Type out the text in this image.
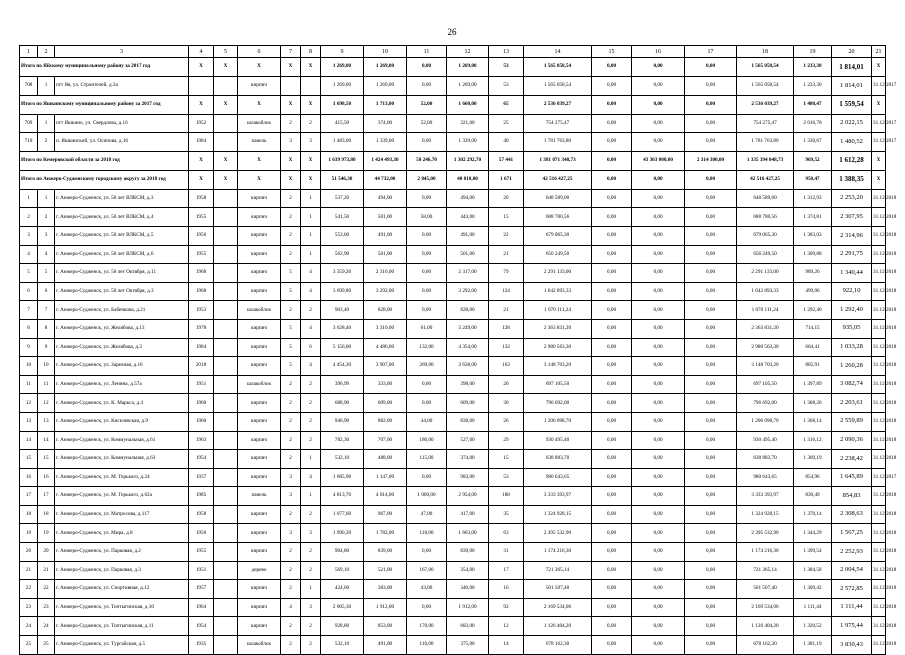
26
1	2	3	4	5	6	7	8	9	10	11	12	13	14	15	16	17	18	19	20	21
Итого по Яйскому муниципальному району за 2017 год			X	X	X	X	X	1 269,00	1 269,00	0,00	1 269,00	53	1 565 058,54	0,00	0,00	0,00	1 565 058,54	1 233,30	1 814,01	X
708	1	пгт Яя, ул. Строителей, д.3а			кирпич			1 269,00	1 269,00	0,00	1 269,00	53	1 565 058,54	0,00	0,00	0,00	1 565 058,54	1 233,30	1 814,01	31.12.2017
Итого по Яшкинскому муниципальному району за 2017 год			X	X	X	X	X	1 698,50	1 713,00	52,00	1 660,00	65	2 536 039,27	0,00	0,00	0,00	2 536 039,27	1 480,47	1 559,54	X
709	1	пгт Яшкино, ул. Свердлова, д.16	1952		шлакоблок	2	2	415,50	374,00	52,00	321,00	25	754 275,47	0,00	0,00	0,00	754 275,47	2 016,78	2 022,15	31.12.2017
710	2	п. Яшкинский, ул. Осипова, д.16	1984		панель	3	3	1 483,00	1 339,00	0,00	1 339,00	40	1 781 763,80	0,00	0,00	0,00	1 781 763,80	1 330,67	1 480,52	31.12.2017
Итого по Кемеровской области за 2018 год			X	X	X	X	X	1 639 973,80	1 424 493,30	50 246,70	1 302 292,70	57 441	1 381 071 348,73	0,00	43 363 000,00	2 314 300,00	1 335 394 048,73	969,52	1 612,28	X
Итого по Анжеро-Судженскому городскому округу за 2018 год			X	X	X	X	X	51 546,30	44 732,00	2 845,00	40 818,00	1 671	42 516 427,25	0,00	0,00	0,00	42 516 427,25	950,47	1 388,35	X
1	1	г. Анжеро-Судженск, ул. 50 лет ВЛКСМ, д.3	1958		кирпич	2	1	537,20	494,00	0,00	494,00	20	648 589,00	0,00	0,00	0,00	648 589,00	1 312,93	2 253,20	31.12.2018
2	2	г. Анжеро-Судженск, ул. 50 лет ВЛКСМ, д.4	1955		кирпич	2	1	541,50	501,00	58,00	443,00	15	688 780,56	0,00	0,00	0,00	688 780,56	1 374,81	2 307,95	31.12.2018
3	3	г. Анжеро-Судженск, ул. 50 лет ВЛКСМ, д.5	1956		кирпич	2	1	553,00	491,00	0,00	491,00	22	679 065,30	0,00	0,00	0,00	679 065,30	1 383,03	2 314,96	31.12.2018
4	4	г. Анжеро-Судженск, ул. 50 лет ВЛКСМ, д.6	1955		кирпич	2	1	562,90	501,00	0,00	501,00	21	656 249,50	0,00	0,00	0,00	656 249,50	1 309,88	2 291,75	31.12.2018
5	5	г. Анжеро-Судженск, ул. 50 лет Октября, д.11	1968		кирпич	5	4	3 359,20	2 316,00	0,00	2 317,00	79	2 291 133,00	0,00	0,00	0,00	2 291 133,00	989,26	1 340,44	31.12.2018
6	6	г. Анжеро-Судженск, ул. 50 лет Октября, д.3	1968		кирпич	5	4	3 699,80	3 292,00	0,00	3 292,00	124	1 642 893,33	0,00	0,00	0,00	1 642 893,33	499,06	922,10	31.12.2018
7	7	г. Анжеро-Судженск, ул. Бабенкова, д.21	1953		шлакоблок	2	2	903,40	828,00	0,00	828,00	21	1 070 111,24	0,00	0,00	0,00	1 070 111,24	1 292,40	1 292,40	31.12.2018
8	8	г. Анжеро-Судженск, ул. Желябова, д.13	1978		кирпич	5	4	3 628,40	3 310,00	61,00	3 249,00	128	2 363 831,20	0,00	0,00	0,00	2 363 831,20	714,15	935,05	31.12.2018
9	9	г. Анжеро-Судженск, ул. Желябова, д.3	1984		кирпич	5	6	5 156,00	4 486,00	132,00	4 354,00	132	2 980 563,30	0,00	0,00	0,00	2 980 563,30	664,41	1 033,28	31.12.2018
10	10	г. Анжеро-Судженск, ул. Заречная, д.16	2018		кирпич	5	4	4 454,30	3 907,00	269,00	3 638,00	163	3 148 703,20	0,00	0,00	0,00	3 148 703,20	805,91	1 260,28	31.12.2018
11	11	г. Анжеро-Судженск, ул. Ленина, д.57а	1951		шлакоблок	2	2	396,99	333,00	0,00	398,00	20	697 105,50	0,00	0,00	0,00	697 105,50	1 397,89	3 082,74	31.12.2018
12	12	г. Анжеро-Судженск, ул. К. Маркса, д.4	1960		кирпич	2	2	688,90	609,00	0,00	609,00	30	796 692,00	0,00	0,00	0,00	796 692,00	1 308,20	2 203,61	31.12.2018
13	13	г. Анжеро-Судженск, ул. Киселевская, д.9	1960		кирпич	2	2	946,90	882,00	44,00	838,00	26	1 206 098,70	0,00	0,00	0,00	1 206 098,70	1 368,14	2 559,89	31.12.2018
14	14	г. Анжеро-Судженск, ул. Коммунальная, д.61	1963		кирпич	2	2	782,30	707,00	180,00	527,00	29	930 495,40	0,00	0,00	0,00	930 495,40	1 316,12	2 090,36	31.12.2018
15	15	г. Анжеро-Судженск, ул. Коммунальная, д.63	1954		кирпич	2	1	532,10	488,00	115,00	374,00	15	638 883,70	0,00	0,00	0,00	638 883,70	1 309,19	2 238,42	31.12.2018
16	16	г. Анжеро-Судженск, ул. М. Горького, д.24	1937		кирпич	3	4	1 685,90	1 147,00	0,00	983,00	53	980 643,65	0,00	0,00	0,00	980 643,65	854,96	1 645,89	31.12.2017
17	17	г. Анжеро-Судженск, ул. М. Горького, д.62а	1985		панель	3	1	4 813,70	4 014,00	1 060,00	2 954,00	188	3 333 393,97	0,00	0,00	0,00	3 333 393,97	830,49	854,83	31.12.2018
18	18	г. Анжеро-Судженск, ул. Матросова, д.117	1958		кирпич	2	2	1 077,60	967,00	47,00	417,00	35	1 324 928,15	0,00	0,00	0,00	1 324 928,15	1 370,14	2 308,63	31.12.2018
19	19	г. Анжеро-Судженск, ул. Мира, д.8	1956		кирпич	3	3	1 990,30	1 782,00	118,00	1 663,00	63	2 395 532,90	0,00	0,00	0,00	2 395 532,90	1 344,29	1 567,25	31.12.2018
20	20	г. Анжеро-Судженск, ул. Парковая, д.2	1955		кирпич	2	2	904,80	839,00	0,00	839,00	31	1 174 216,30	0,00	0,00	0,00	1 174 216,30	1 399,54	2 252,93	31.12.2018
21	21	г. Анжеро-Судженск, ул. Парковая, д.3	1951		дерево	2	2	569,10	521,00	167,00	354,00	17	721 365,14	0,00	0,00	0,00	721 365,14	1 384,58	2 004,54	31.12.2018
22	22	г. Анжеро-Судженск, ул. Спортивная, д.12	1957		кирпич	2	1	424,60	383,00	43,00	340,00	16	501 507,40	0,00	0,00	0,00	501 507,40	1 309,42	2 572,85	31.12.2018
23	23	г. Анжеро-Судженск, ул. Топтыгинская, д.10	1964		кирпич	4	3	2 005,30	1 912,00	0,00	1 912,00	92	2 169 534,06	0,00	0,00	0,00	2 169 534,06	1 111,44	1 111,44	31.12.2018
24	24	г. Анжеро-Судженск, ул. Топтыгинская, д.11	1954		кирпич	2	2	928,80	853,00	170,00	683,00	12	1 126 404,20	0,00	0,00	0,00	1 126 404,20	1 320,52	1 975,44	31.12.2018
25	25	г. Анжеро-Судженск, ул. Тургайская, д.5	1935		шлакоблок	2	2	532,10	491,00	116,00	375,00	14	678 162,30	0,00	0,00	0,00	678 162,30	1 381,19	3 830,43	31.12.2018
